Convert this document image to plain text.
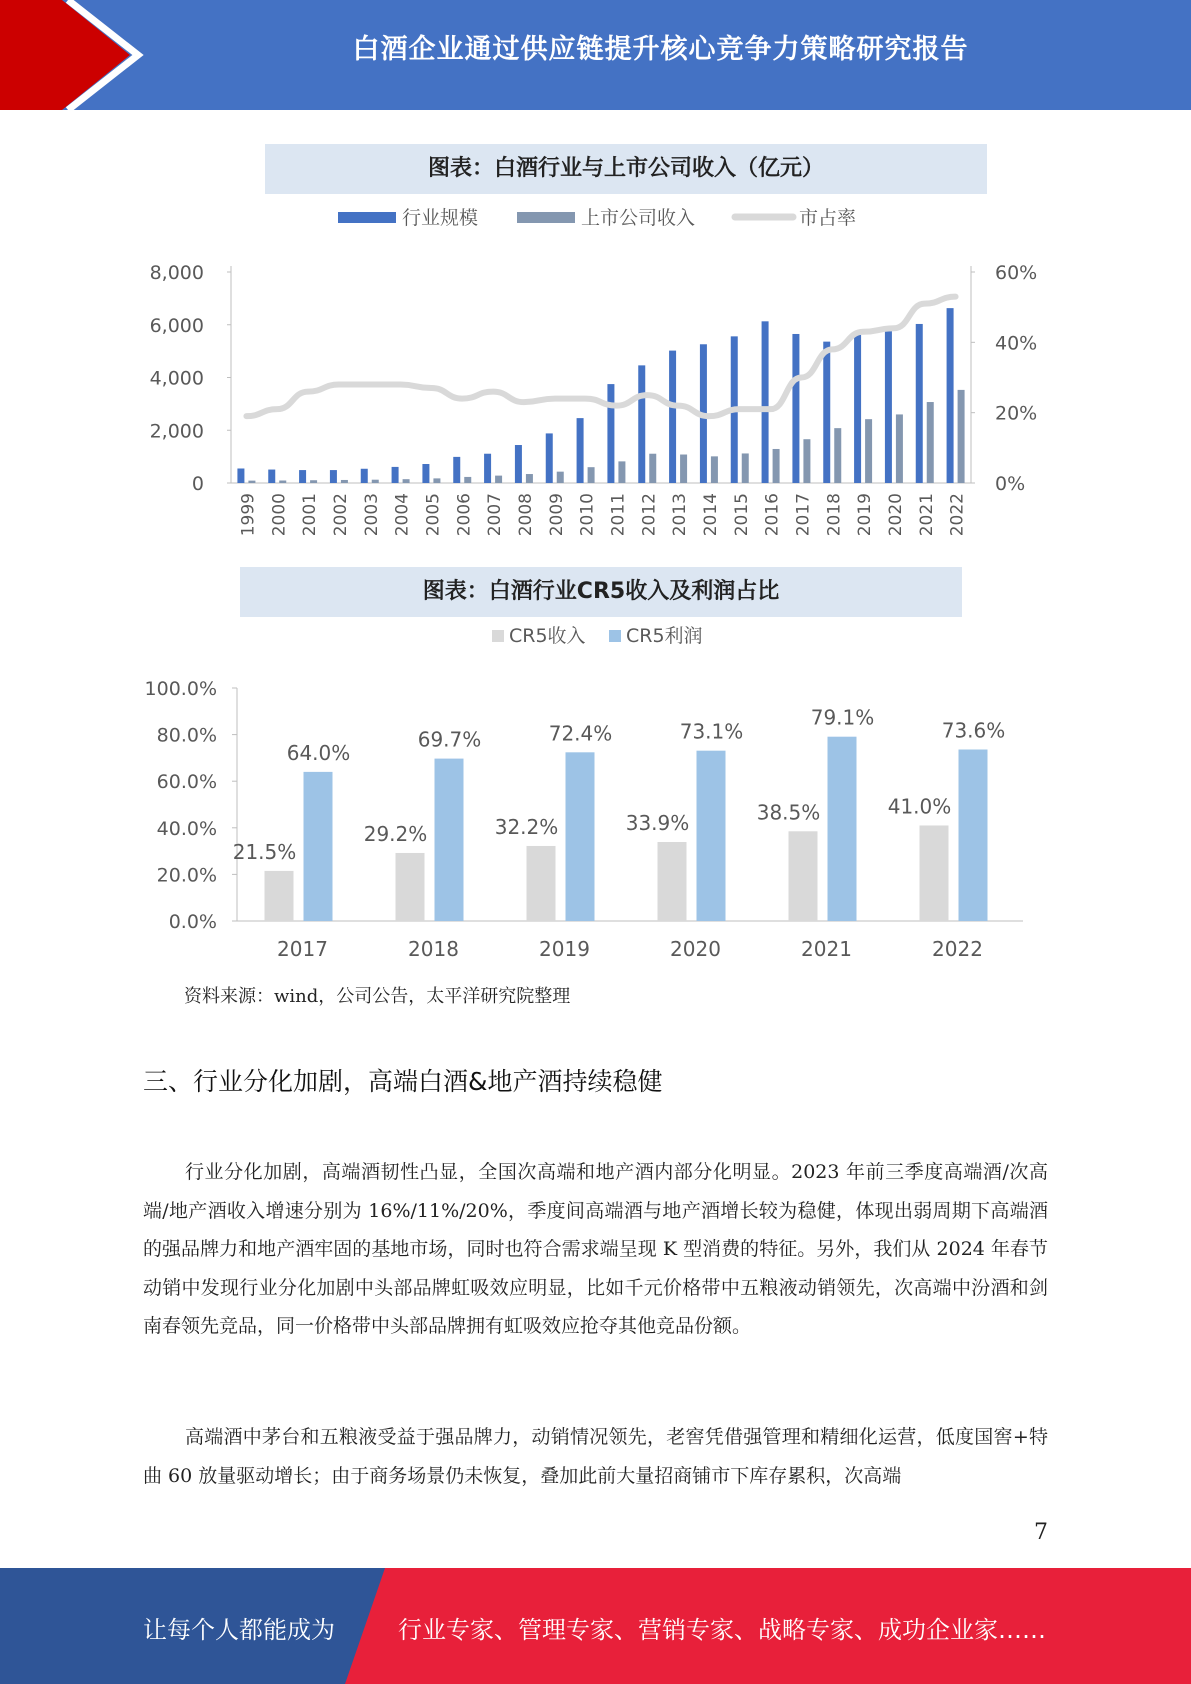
白酒企业通过供应链提升核心竞争力策略研究报告
图表：白酒行业与上市公司收入（亿元）
行业规模	上市公司收入	市占率
0
2,000
4,000
6,000
8,000
0%
20%
40%
60%
1999 2000 2001 2002 2003 2004 2005 2006 2007 2008 2009 2010 2011 2012 2013 2014 2015 2016 2017 2018 2019 2020 2021 2022
图表：白酒行业CR5收入及利润占比
CR5收入 CR5利润
0.0%
20.0%
40.0%
60.0%
80.0%
100.0%
21.5%
64.0%
2017
29.2%
69.7%
2018
32.2%
72.4%
2019
33.9%
73.1%
2020
38.5%
79.1%
2021
41.0%
73.6%
2022
资料来源：wind，公司公告，太平洋研究院整理
三、行业分化加剧，高端白酒&地产酒持续稳健

行业分化加剧，高端酒韧性凸显，全国次高端和地产酒内部分化明显。2023 年前三季度高端酒/次高端/地产酒收入增速分别为 16%/11%/20%，季度间高端酒与地产酒增长较为稳健，体现出弱周期下高端酒的强品牌力和地产酒牢固的基地市场，同时也符合需求端呈现 K 型消费的特征。另外，我们从 2024 年春节动销中发现行业分化加剧中头部品牌虹吸效应明显，比如千元价格带中五粮液动销领先，次高端中汾酒和剑南春领先竞品，同一价格带中头部品牌拥有虹吸效应抢夺其他竞品份额。

高端酒中茅台和五粮液受益于强品牌力，动销情况领先，老窖凭借强管理和精细化运营，低度国窖+特曲 60 放量驱动增长；由于商务场景仍未恢复，叠加此前大量招商铺市下库存累积，次高端

7
让每个人都能成为	行业专家、管理专家、营销专家、战略专家、成功企业家……
